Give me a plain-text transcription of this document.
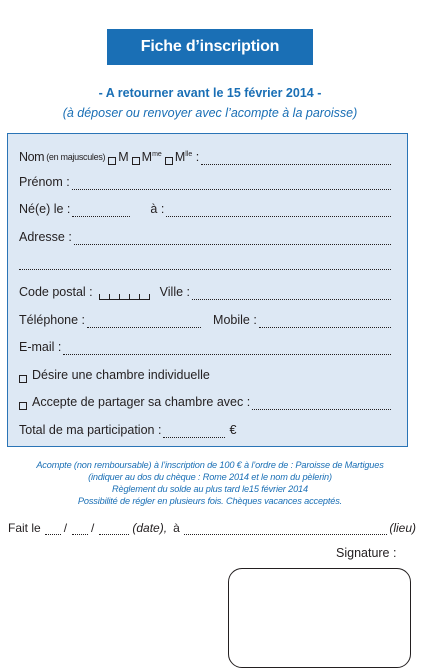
Fiche d’inscription
- A retourner avant le 15 février 2014 -
(à déposer ou renvoyer avec l’acompte à la paroisse)
Nom (en majuscules) M $M^{me}$ $M^{lle}$ :
Prénom :
Né(e) le :	à :
Adresse :
Code postal :	Ville :
Téléphone :	Mobile :
E-mail :
Désire une chambre individuelle
Accepte de partager sa chambre avec :
Total de ma participation :	€
Acompte (non remboursable) à l’inscription de 100 € à l’ordre de : Paroisse de Martigues
(indiquer au dos du chèque : Rome 2014 et le nom du pèlerin)
Règlement du solde au plus tard le15 février 2014
Possibilité de régler en plusieurs fois. Chèques vacances acceptés.
Fait le / /	(date), à	(lieu)
Signature :
